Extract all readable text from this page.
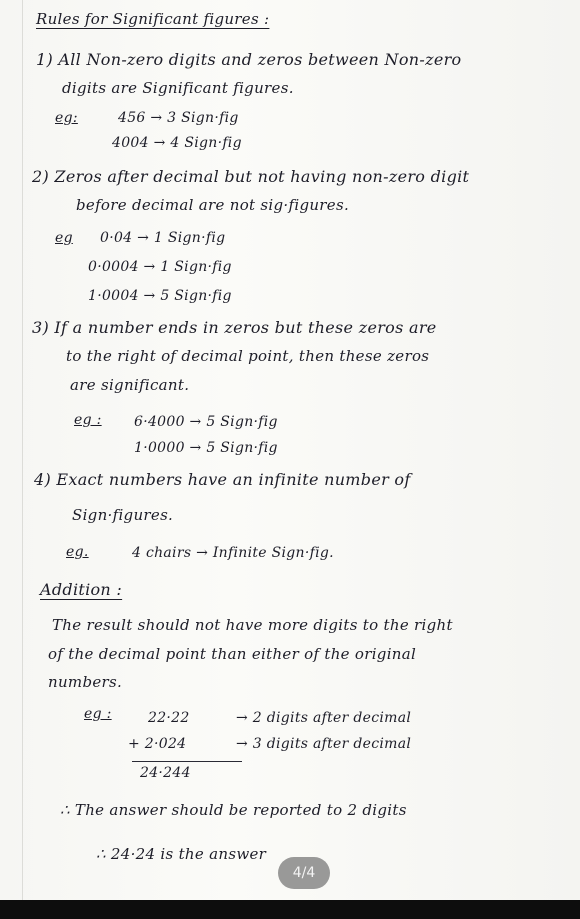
Rules for Significant figures :
1) All Non-zero digits and zeros between Non-zero
digits are Significant figures.
eg:	456 → 3 Sign·fig
4004 → 4 Sign·fig
2) Zeros after decimal but not having non-zero digit
before decimal are not sig·figures.
eg 0·04 → 1 Sign·fig
0·0004 → 1 Sign·fig
1·0004 → 5 Sign·fig
3) If a number ends in zeros but these zeros are
to the right of decimal point, then these zeros
are significant.
eg : 6·4000 → 5 Sign·fig
1·0000 → 5 Sign·fig
4) Exact numbers have an infinite number of
Sign·figures.
eg.	4 chairs → Infinite Sign·fig.
Addition :
The result should not have more digits to the right
of the decimal point than either of the original
numbers.
eg :	22·22	→ 2 digits after decimal
+ 2·024	→ 3 digits after decimal
24·244
∴ The answer should be reported to 2 digits
∴ 24·24 is the answer
4/4
